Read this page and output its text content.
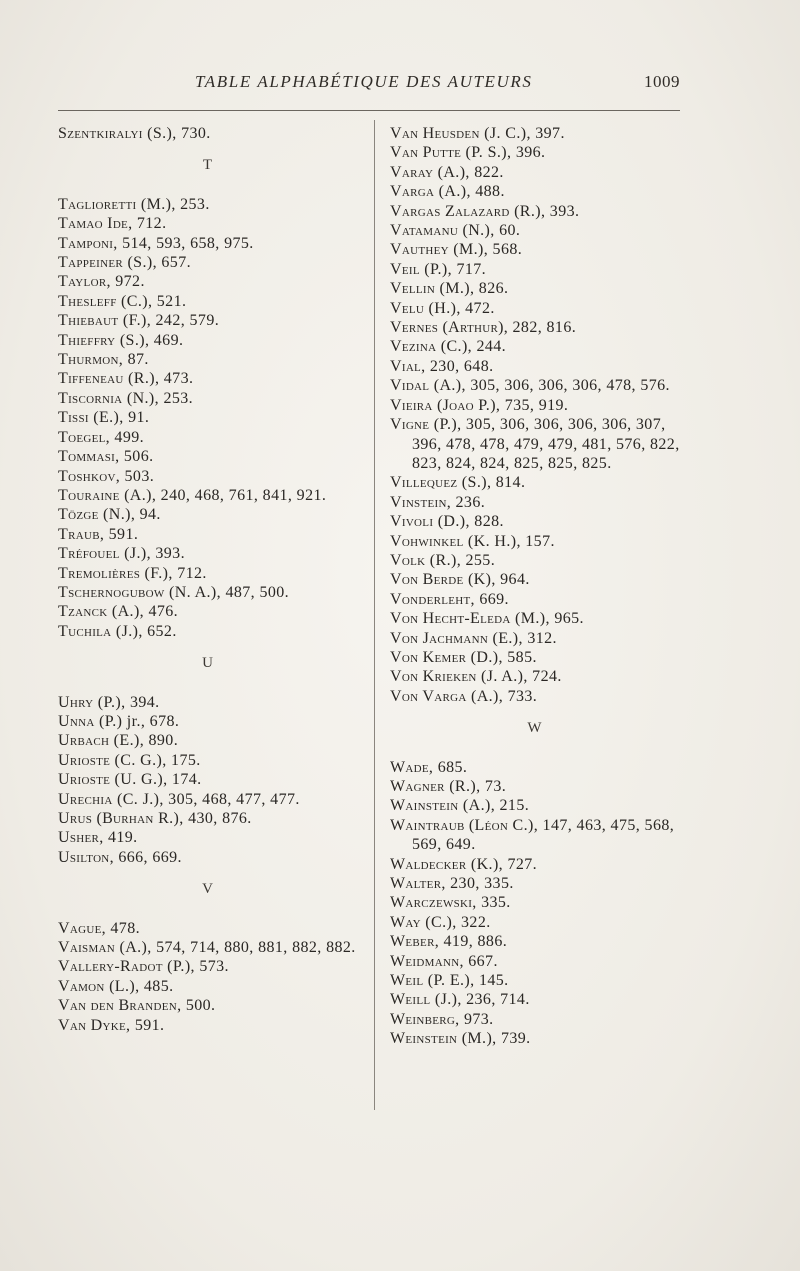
TABLE ALPHABÉTIQUE DES AUTEURS	1009

Szentkiralyi (S.), 730.

T

Taglioretti (M.), 253.

Tamao Ide, 712.

Tamponi, 514, 593, 658, 975.

Tappeiner (S.), 657.

Taylor, 972.

Thesleff (C.), 521.

Thiebaut (F.), 242, 579.

Thieffry (S.), 469.

Thurmon, 87.

Tiffeneau (R.), 473.

Tiscornia (N.), 253.

Tissi (E.), 91.

Toegel, 499.

Tommasi, 506.

Toshkov, 503.

Touraine (A.), 240, 468, 761, 841, 921.

Tözge (N.), 94.

Traub, 591.

Tréfouel (J.), 393.

Tremolières (F.), 712.

Tschernogubow (N. A.), 487, 500.

Tzanck (A.), 476.

Tuchila (J.), 652.

U

Uhry (P.), 394.

Unna (P.) jr., 678.

Urbach (E.), 890.

Urioste (C. G.), 175.

Urioste (U. G.), 174.

Urechia (C. J.), 305, 468, 477, 477.

Urus (Burhan R.), 430, 876.

Usher, 419.

Usilton, 666, 669.

V

Vague, 478.

Vaisman (A.), 574, 714, 880, 881, 882, 882.

Vallery-Radot (P.), 573.

Vamon (L.), 485.

Van den Branden, 500.

Van Dyke, 591.

Van Heusden (J. C.), 397.

Van Putte (P. S.), 396.

Varay (A.), 822.

Varga (A.), 488.

Vargas Zalazard (R.), 393.

Vatamanu (N.), 60.

Vauthey (M.), 568.

Veil (P.), 717.

Vellin (M.), 826.

Velu (H.), 472.

Vernes (Arthur), 282, 816.

Vezina (C.), 244.

Vial, 230, 648.

Vidal (A.), 305, 306, 306, 306, 478, 576.

Vieira (Joao P.), 735, 919.

Vigne (P.), 305, 306, 306, 306, 306, 307, 396, 478, 478, 479, 479, 481, 576, 822, 823, 824, 824, 825, 825, 825.

Villequez (S.), 814.

Vinstein, 236.

Vivoli (D.), 828.

Vohwinkel (K. H.), 157.

Volk (R.), 255.

Von Berde (K), 964.

Vonderleht, 669.

Von Hecht-Eleda (M.), 965.

Von Jachmann (E.), 312.

Von Kemer (D.), 585.

Von Krieken (J. A.), 724.

Von Varga (A.), 733.

W

Wade, 685.

Wagner (R.), 73.

Wainstein (A.), 215.

Waintraub (Léon C.), 147, 463, 475, 568, 569, 649.

Waldecker (K.), 727.

Walter, 230, 335.

Warczewski, 335.

Way (C.), 322.

Weber, 419, 886.

Weidmann, 667.

Weil (P. E.), 145.

Weill (J.), 236, 714.

Weinberg, 973.

Weinstein (M.), 739.
